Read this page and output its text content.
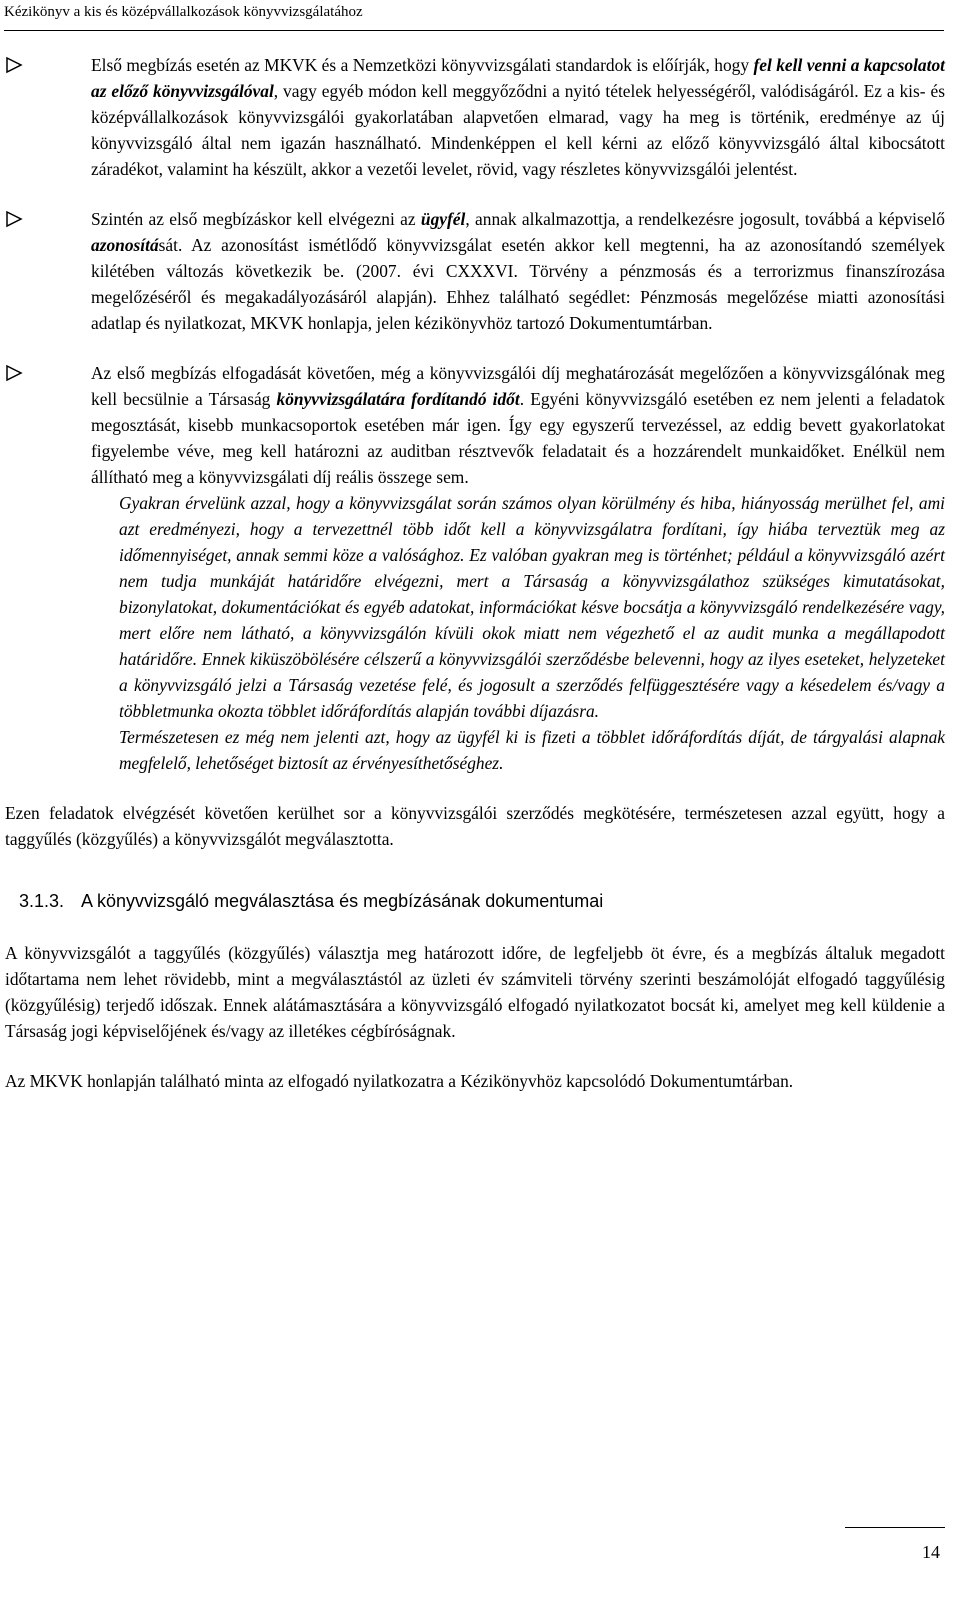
Kézikönyv a kis és középvállalkozások könyvvizsgálatához

Első megbízás esetén az MKVK és a Nemzetközi könyvvizsgálati standardok is előírják, hogy fel kell venni a kapcsolatot az előző könyvvizsgálóval, vagy egyéb módon kell meggyőződni a nyitó tételek helyességéről, valódiságáról. Ez a kis- és középvállalkozások könyvvizsgálói gyakorlatában alapvetően elmarad, vagy ha meg is történik, eredménye az új könyvvizsgáló által nem igazán használható. Mindenképpen el kell kérni az előző könyvvizsgáló által kibocsátott záradékot, valamint ha készült, akkor a vezetői levelet, rövid, vagy részletes könyvvizsgálói jelentést.

Szintén az első megbízáskor kell elvégezni az ügyfél, annak alkalmazottja, a rendelkezésre jogosult, továbbá a képviselő azonosítását. Az azonosítást ismétlődő könyvvizsgálat esetén akkor kell megtenni, ha az azonosítandó személyek kilétében változás következik be. (2007. évi CXXXVI. Törvény a pénzmosás és a terrorizmus finanszírozása megelőzéséről és megakadályozásáról alapján). Ehhez található segédlet: Pénzmosás megelőzése miatti azonosítási adatlap és nyilatkozat, MKVK honlapja, jelen kézikönyvhöz tartozó Dokumentumtárban.

Az első megbízás elfogadását követően, még a könyvvizsgálói díj meghatározását megelőzően a könyvvizsgálónak meg kell becsülnie a Társaság könyvvizsgálatára fordítandó időt. Egyéni könyvvizsgáló esetében ez nem jelenti a feladatok megosztását, kisebb munkacsoportok esetében már igen. Így egy egyszerű tervezéssel, az eddig bevett gyakorlatokat figyelembe véve, meg kell határozni az auditban résztvevők feladatait és a hozzárendelt munkaidőket. Enélkül nem állítható meg a könyvvizsgálati díj reális összege sem.

Gyakran érvelünk azzal, hogy a könyvvizsgálat során számos olyan körülmény és hiba, hiányosság merülhet fel, ami azt eredményezi, hogy a tervezettnél több időt kell a könyvvizsgálatra fordítani, így hiába terveztük meg az időmennyiséget, annak semmi köze a valósághoz. Ez valóban gyakran meg is történhet; például a könyvvizsgáló azért nem tudja munkáját határidőre elvégezni, mert a Társaság a könyvvizsgálathoz szükséges kimutatásokat, bizonylatokat, dokumentációkat és egyéb adatokat, információkat késve bocsátja a könyvvizsgáló rendelkezésére vagy, mert előre nem látható, a könyvvizsgálón kívüli okok miatt nem végezhető el az audit munka a megállapodott határidőre. Ennek kiküszöbölésére célszerű a könyvvizsgálói szerződésbe belevenni, hogy az ilyes eseteket, helyzeteket a könyvvizsgáló jelzi a Társaság vezetése felé, és jogosult a szerződés felfüggesztésére vagy a késedelem és/vagy a többletmunka okozta többlet időráfordítás alapján további díjazásra.

Természetesen ez még nem jelenti azt, hogy az ügyfél ki is fizeti a többlet időráfordítás díját, de tárgyalási alapnak megfelelő, lehetőséget biztosít az érvényesíthetőséghez.

Ezen feladatok elvégzését követően kerülhet sor a könyvvizsgálói szerződés megkötésére, természetesen azzal együtt, hogy a taggyűlés (közgyűlés) a könyvvizsgálót megválasztotta.

3.1.3. A könyvvizsgáló megválasztása és megbízásának dokumentumai

A könyvvizsgálót a taggyűlés (közgyűlés) választja meg határozott időre, de legfeljebb öt évre, és a megbízás általuk megadott időtartama nem lehet rövidebb, mint a megválasztástól az üzleti év számviteli törvény szerinti beszámolóját elfogadó taggyűlésig (közgyűlésig) terjedő időszak. Ennek alátámasztására a könyvvizsgáló elfogadó nyilatkozatot bocsát ki, amelyet meg kell küldenie a Társaság jogi képviselőjének és/vagy az illetékes cégbíróságnak.

Az MKVK honlapján található minta az elfogadó nyilatkozatra a Kézikönyvhöz kapcsolódó Dokumentumtárban.

14
